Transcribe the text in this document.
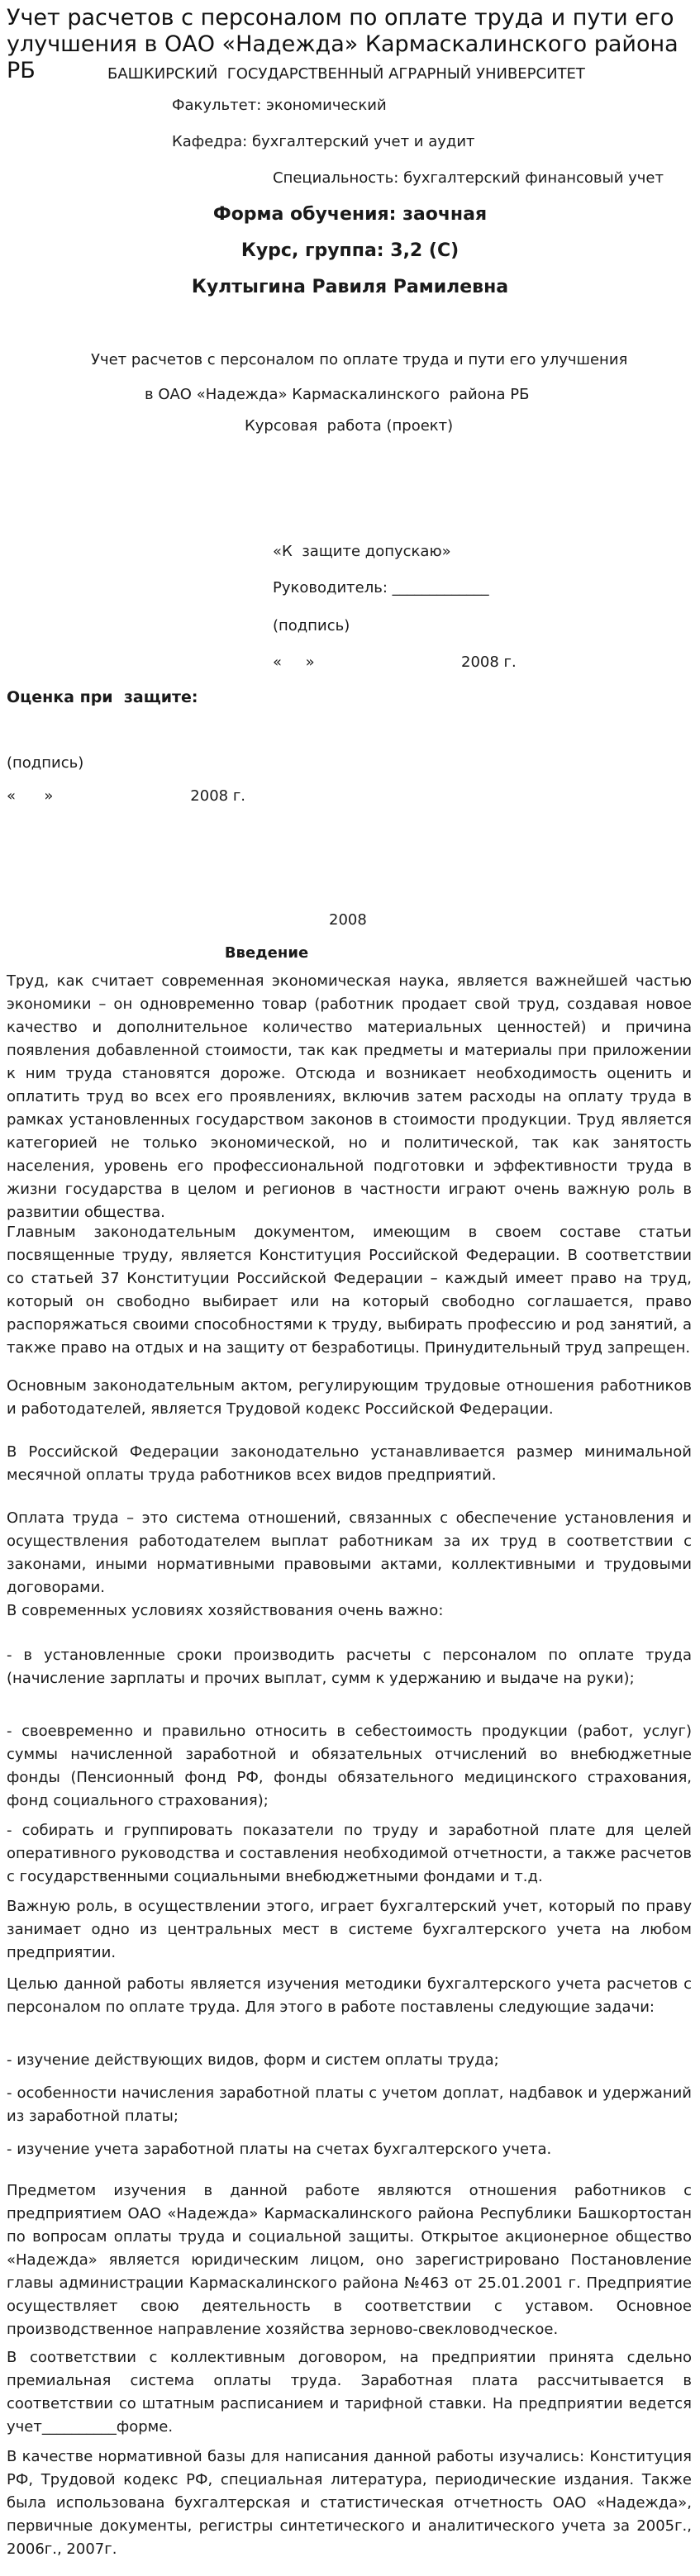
Учет расчетов с персоналом по оплате труда и пути его улучшения в ОАО «Надежда» Кармаскалинского района РБ	БАШКИРСКИЙ  ГОСУДАРСТВЕННЫЙ АГРАРНЫЙ УНИВЕРСИТЕТ

Факультет: экономический

Кафедра: бухгалтерский учет и аудит

Специальность: бухгалтерский финансовый учет

Форма обучения: заочная

Курс, группа: 3,2 (С)

Култыгина Равиля Рамилевна

Учет расчетов с персоналом по оплате труда и пути его улучшения

в ОАО «Надежда» Кармаскалинского  района РБ

Курсовая  работа (проект)

«К  защите допускаю»

Руководитель: _____________

(подпись)

«     »                               2008 г.

Оценка при  защите:

(подпись)

«      »                             2008 г.

2008

Введение

Труд, как считает современная экономическая наука, является важнейшей частью экономики – он одновременно товар (работник продает свой труд, создавая новое качество и дополнительное количество материальных ценностей) и причина появления добавленной стоимости, так как предметы и материалы при приложении к ним труда становятся дороже. Отсюда и возникает необходимость оценить и оплатить труд во всех его проявлениях, включив затем расходы на оплату труда в рамках установленных государством законов в стоимости продукции. Труд является категорией не только экономической, но и политической, так как занятость населения, уровень его профессиональной подготовки и эффективности труда в жизни государства в целом и регионов в частности играют очень важную роль в развитии общества.

Главным законодательным документом, имеющим в своем составе статьи посвященные труду, является Конституция Российской Федерации. В соответствии со статьей 37 Конституции Российской Федерации – каждый имеет право на труд, который он свободно выбирает или на который свободно соглашается, право распоряжаться своими способностями к труду, выбирать профессию и род занятий, а также право на отдых и на защиту от безработицы. Принудительный труд запрещен.

Основным законодательным актом, регулирующим трудовые отношения работников и работодателей, является Трудовой кодекс Российской Федерации.

В Российской Федерации законодательно устанавливается размер минимальной месячной оплаты труда работников всех видов предприятий.

Оплата труда – это система отношений, связанных с обеспечение установления и осуществления работодателем выплат работникам за их труд в соответствии с законами, иными нормативными правовыми актами, коллективными и трудовыми договорами.

В современных условиях хозяйствования очень важно:

- в установленные сроки производить расчеты с персоналом по оплате труда (начисление зарплаты и прочих выплат, сумм к удержанию и выдаче на руки);

- своевременно и правильно относить в себестоимость продукции (работ, услуг) суммы начисленной заработной и обязательных отчислений во внебюджетные фонды (Пенсионный фонд РФ, фонды обязательного медицинского страхования, фонд социального страхования);

- собирать и группировать показатели по труду и заработной плате для целей оперативного руководства и составления необходимой отчетности, а также расчетов с государственными социальными внебюджетными фондами и т.д.

Важную роль, в осуществлении этого, играет бухгалтерский учет, который по праву занимает одно из центральных мест в системе бухгалтерского учета на любом предприятии.

Целью данной работы является изучения методики бухгалтерского учета расчетов с персоналом по оплате труда. Для этого в работе поставлены следующие задачи:

- изучение действующих видов, форм и систем оплаты труда;

- особенности начисления заработной платы с учетом доплат, надбавок и удержаний из заработной платы;

- изучение учета заработной платы на счетах бухгалтерского учета.

Предметом изучения в данной работе являются отношения работников с предприятием ОАО «Надежда» Кармаскалинского района Республики Башкортостан по вопросам оплаты труда и социальной защиты. Открытое акционерное общество «Надежда» является юридическим лицом, оно зарегистрировано Постановление главы администрации Кармаскалинского района №463 от 25.01.2001 г. Предприятие осуществляет свою деятельность в соответствии с уставом. Основное производственное направление хозяйства зерново-свекловодческое.

В соответствии с коллективным договором, на предприятии принята сдельно премиальная система оплаты труда. Заработная плата рассчитывается в соответствии со штатным расписанием и тарифной ставки. На предприятии ведется учет__________форме.

В качестве нормативной базы для написания данной работы изучались: Конституция РФ, Трудовой кодекс РФ, специальная литература, периодические издания. Также была использована бухгалтерская и статистическая отчетность ОАО «Надежда», первичные документы, регистры синтетического и аналитического учета за 2005г., 2006г., 2007г.
